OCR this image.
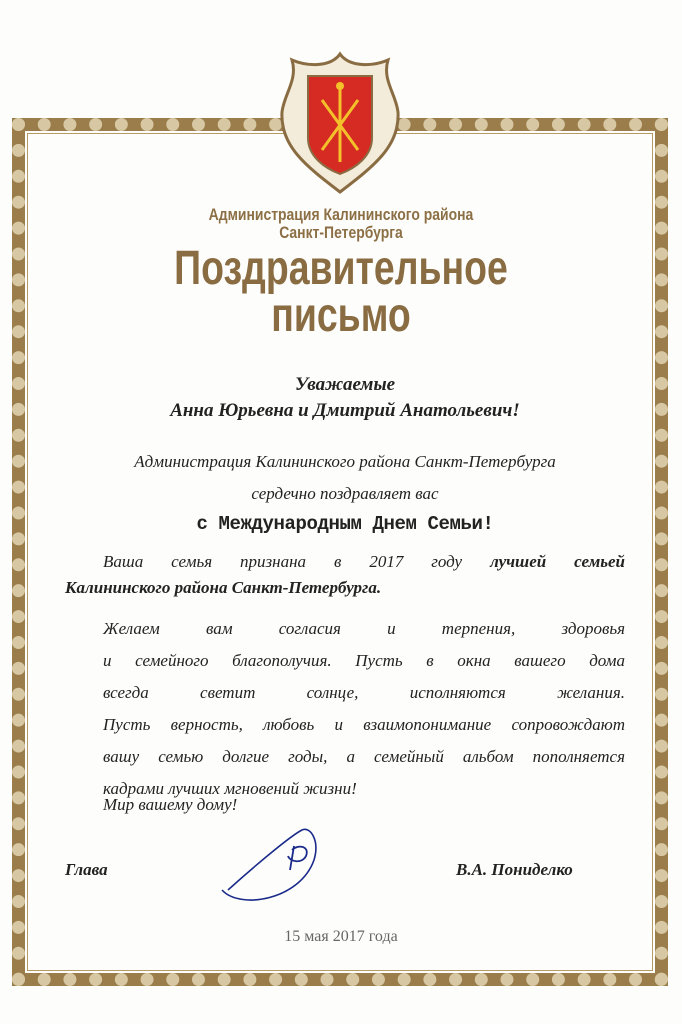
Администрация Калининского района
Санкт-Петербурга
Поздравительное
письмо
Уважаемые
Анна Юрьевна и Дмитрий Анатольевич!
Администрация Калининского района Санкт-Петербурга
сердечно поздравляет вас
с Международным Днем Семьи!
Ваша семья признана в 2017 году лучшей семьей
Калининского района Санкт-Петербурга.
Желаем вам согласия и терпения, здоровья
и семейного благополучия. Пусть в окна вашего дома
всегда светит солнце, исполняются желания.
Пусть верность, любовь и взаимопонимание сопровождают
вашу семью долгие годы, а семейный альбом пополняется
кадрами лучших мгновений жизни!
Мир вашему дому!
Глава	В.А. Пониделко
15 мая 2017 года
